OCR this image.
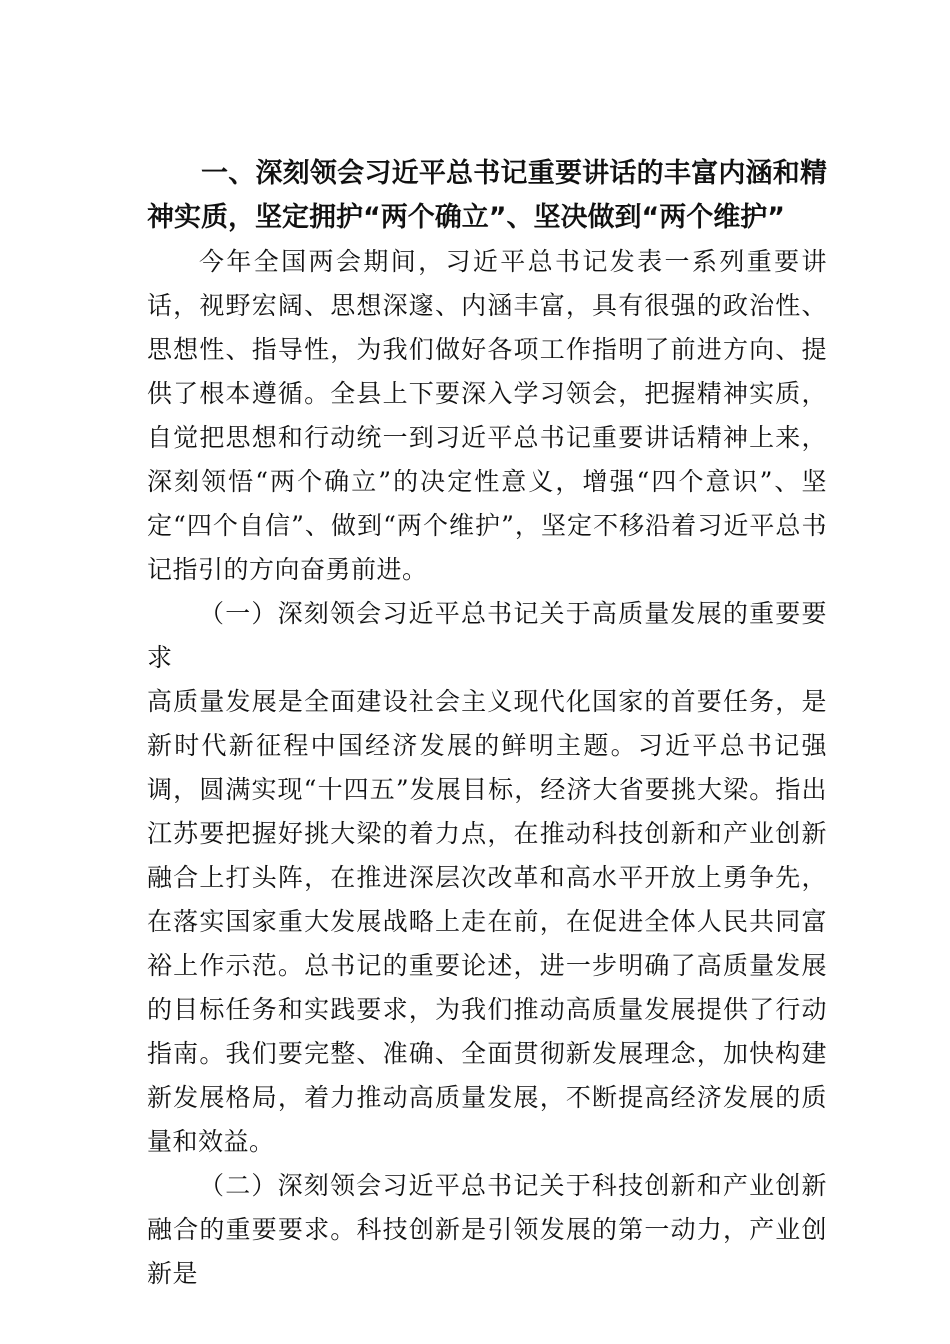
一、深刻领会习近平总书记重要讲话的丰富内涵和精神实质，坚定拥护“两个确立”、坚决做到“两个维护”

今年全国两会期间，习近平总书记发表一系列重要讲话，视野宏阔、思想深邃、内涵丰富，具有很强的政治性、思想性、指导性，为我们做好各项工作指明了前进方向、提供了根本遵循。全县上下要深入学习领会，把握精神实质，自觉把思想和行动统一到习近平总书记重要讲话精神上来，深刻领悟“两个确立”的决定性意义，增强“四个意识”、坚定“四个自信”、做到“两个维护”，坚定不移沿着习近平总书记指引的方向奋勇前进。

（一）深刻领会习近平总书记关于高质量发展的重要要求

高质量发展是全面建设社会主义现代化国家的首要任务，是新时代新征程中国经济发展的鲜明主题。习近平总书记强调，圆满实现“十四五”发展目标，经济大省要挑大梁。指出江苏要把握好挑大梁的着力点，在推动科技创新和产业创新融合上打头阵，在推进深层次改革和高水平开放上勇争先，在落实国家重大发展战略上走在前，在促进全体人民共同富裕上作示范。总书记的重要论述，进一步明确了高质量发展的目标任务和实践要求，为我们推动高质量发展提供了行动指南。我们要完整、准确、全面贯彻新发展理念，加快构建新发展格局，着力推动高质量发展，不断提高经济发展的质量和效益。

（二）深刻领会习近平总书记关于科技创新和产业创新融合的重要要求。科技创新是引领发展的第一动力，产业创新是
